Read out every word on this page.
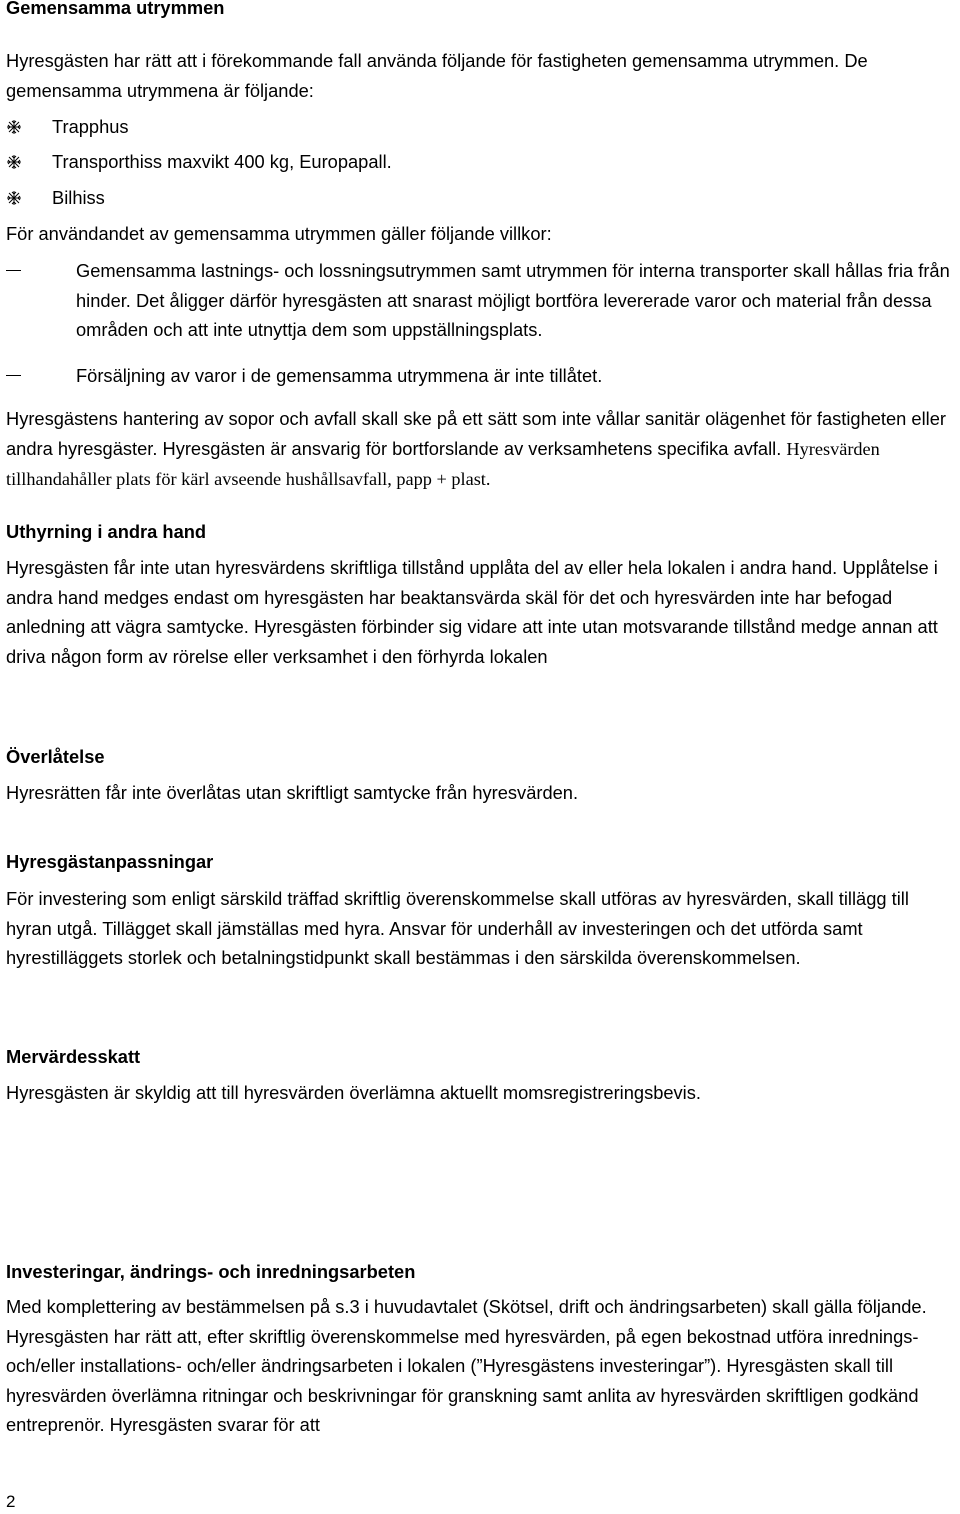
Gemensamma utrymmen

Hyresgästen har rätt att i förekommande fall använda följande för fastigheten gemensamma utrymmen. De gemensamma utrymmena är följande:

Trapphus
Transporthiss maxvikt 400 kg, Europapall.
Bilhiss

För användandet av gemensamma utrymmen gäller följande villkor:

Gemensamma lastnings- och lossningsutrymmen samt utrymmen för interna transporter skall hållas fria från hinder. Det åligger därför hyresgästen att snarast möjligt bortföra levererade varor och material från dessa områden och att inte utnyttja dem som uppställningsplats.
Försäljning av varor i de gemensamma utrymmena är inte tillåtet.

Hyresgästens hantering av sopor och avfall skall ske på ett sätt som inte vållar sanitär olägenhet för fastigheten eller andra hyresgäster. Hyresgästen är ansvarig för bortforslande av verksamhetens specifika avfall. Hyresvärden tillhandahåller plats för kärl avseende hushållsavfall, papp + plast.

Uthyrning i andra hand

Hyresgästen får inte utan hyresvärdens skriftliga tillstånd upplåta del av eller hela lokalen i andra hand. Upplåtelse i andra hand medges endast om hyresgästen har beaktansvärda skäl för det och hyresvärden inte har befogad anledning att vägra samtycke. Hyresgästen förbinder sig vidare att inte utan motsvarande tillstånd medge annan att driva någon form av rörelse eller verksamhet i den förhyrda lokalen

Överlåtelse

Hyresrätten får inte överlåtas utan skriftligt samtycke från hyresvärden.

Hyresgästanpassningar

För investering som enligt särskild träffad skriftlig överenskommelse skall utföras av hyresvärden, skall tillägg till hyran utgå. Tillägget skall jämställas med hyra. Ansvar för underhåll av investeringen och det utförda samt hyrestilläggets storlek och betalningstidpunkt skall bestämmas i den särskilda överenskommelsen.

Mervärdesskatt

Hyresgästen är skyldig att till hyresvärden överlämna aktuellt momsregistreringsbevis.

Investeringar, ändrings- och inredningsarbeten

Med komplettering av bestämmelsen på s.3 i huvudavtalet (Skötsel, drift och ändringsarbeten) skall gälla följande. Hyresgästen har rätt att, efter skriftlig överenskommelse med hyresvärden, på egen bekostnad utföra inrednings- och/eller installations- och/eller ändringsarbeten i lokalen (”Hyresgästens investeringar”). Hyresgästen skall till hyresvärden överlämna ritningar och beskrivningar för granskning samt anlita av hyresvärden skriftligen godkänd entreprenör. Hyresgästen svarar för att

2
